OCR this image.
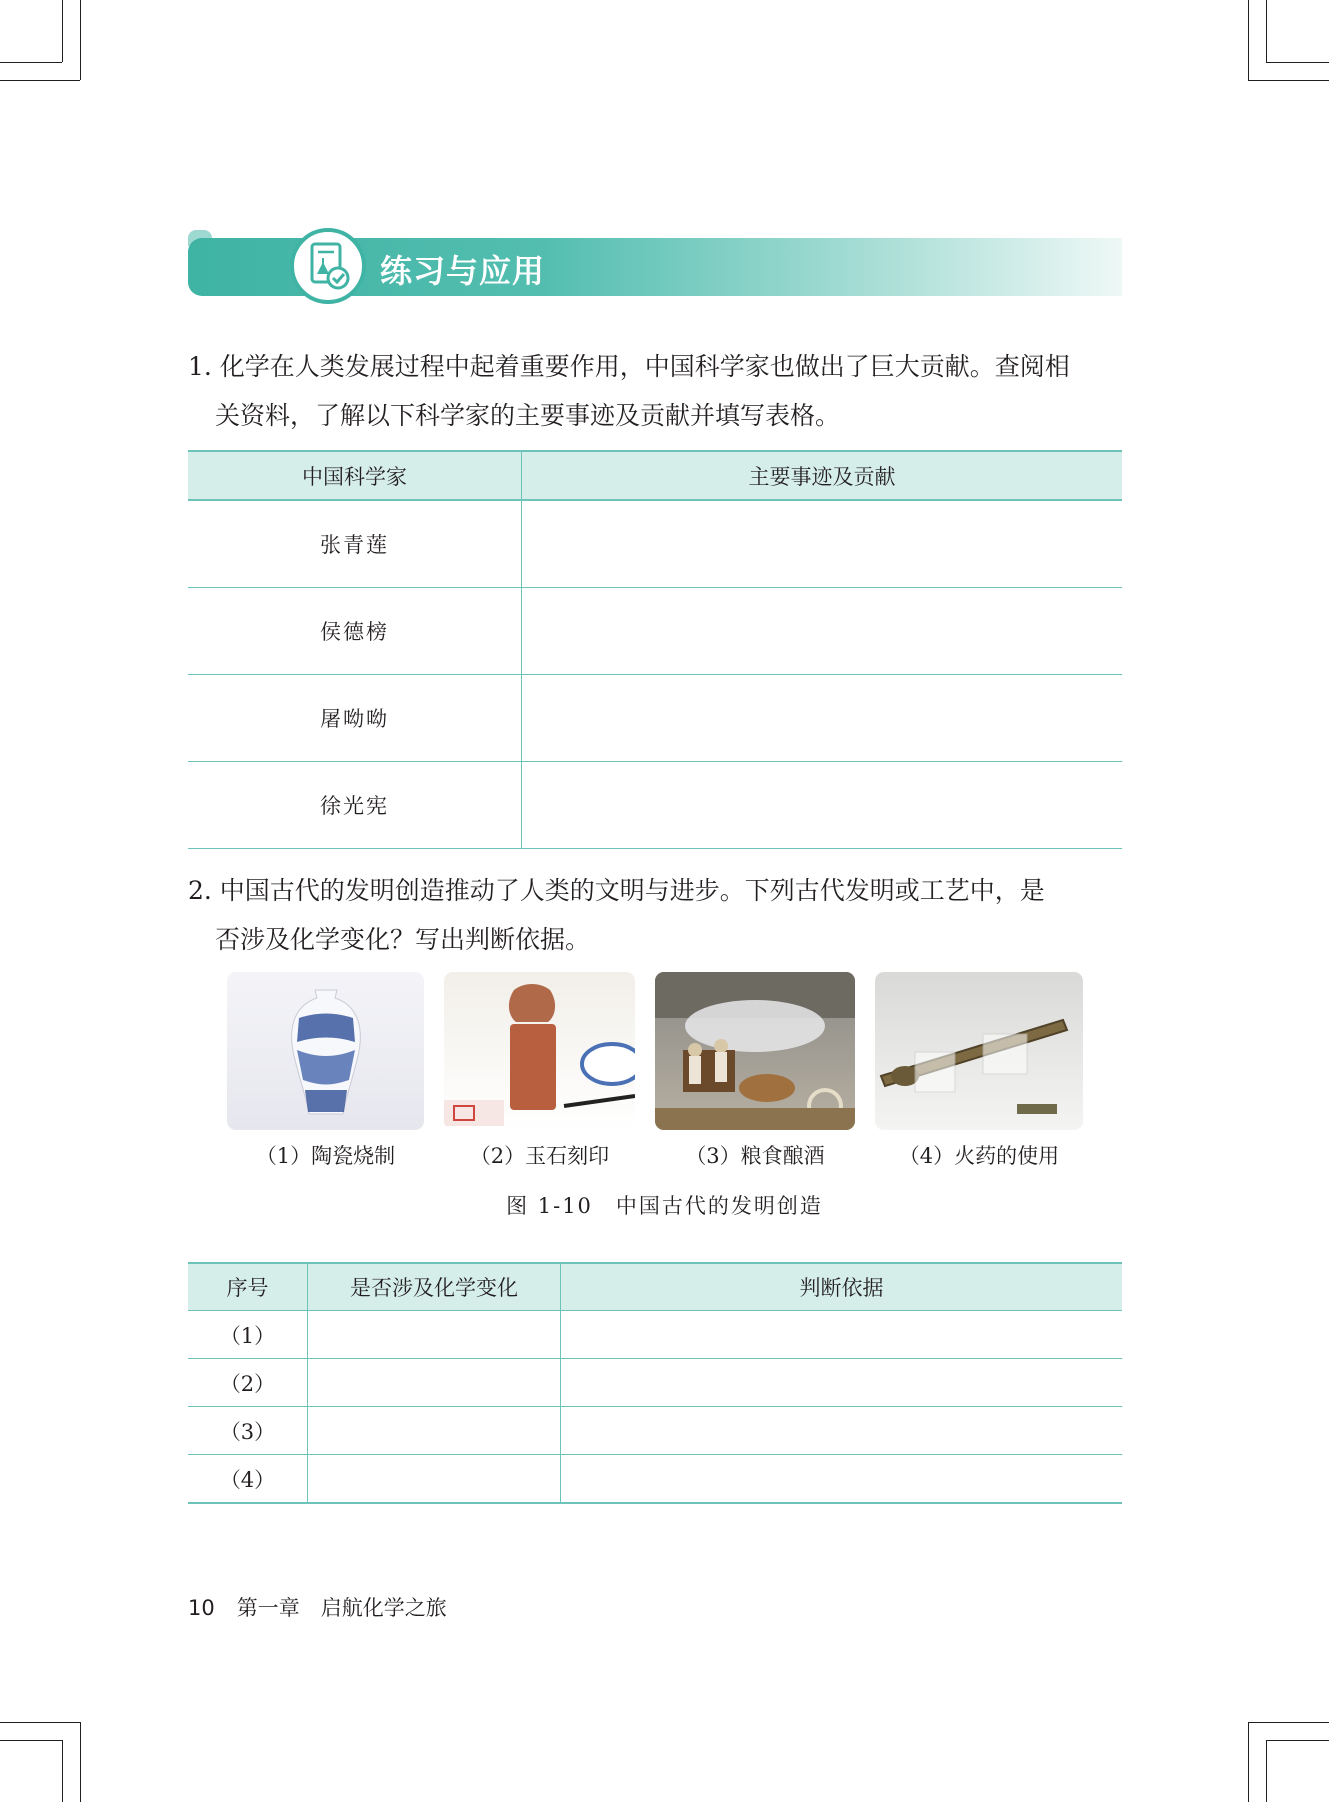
练习与应用
1. 化学在人类发展过程中起着重要作用，中国科学家也做出了巨大贡献。查阅相
关资料，了解以下科学家的主要事迹及贡献并填写表格。
中国科学家	主要事迹及贡献
张青莲	
侯德榜	
屠呦呦	
徐光宪	
2. 中国古代的发明创造推动了人类的文明与进步。下列古代发明或工艺中，是
否涉及化学变化？写出判断依据。
（1）陶瓷烧制	（2）玉石刻印	（3）粮食酿酒	（4）火药的使用
图 1-10　中国古代的发明创造
序号	是否涉及化学变化	判断依据
（1）		
（2）		
（3）		
（4）		
10 第一章　启航化学之旅
